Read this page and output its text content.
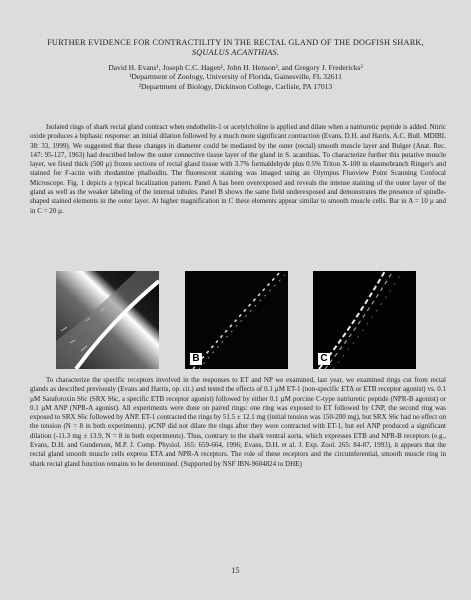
FURTHER EVIDENCE FOR CONTRACTILITY IN THE RECTAL GLAND OF THE DOGFISH SHARK, SQUALUS ACANTHIAS.
David H. Evans¹, Joseph C.C. Hagen¹, John H. Henson², and Gregory J. Fredericks²
¹Department of Zoology, University of Florida, Gainesville, FL 32611
²Department of Biology, Dickinson College, Carlisle, PA 17013

Isolated rings of shark rectal gland contract when endothelin-1 or acetylcholine is applied and dilate when a natriuretic peptide is added. Nitric oxide produces a biphasic response: an initial dilation followed by a much more significant contraction (Evans, D.H. and Harris, A.C. Bull. MDIBL 38: 33, 1999). We suggested that these changes in diameter could be mediated by the outer (rectal) smooth muscle layer and Bulger (Anat. Rec. 147: 95-127, 1963) had described below the outer connective tissue layer of the gland in S. acanthias. To characterize further this putative muscle layer, we fixed thick (500 µ) frozen sections of rectal gland tissue with 3.7% formaldehyde plus 0.5% Triton X-100 in elasmobranch Ringer's and stained for F-actin with rhodamine phalloidin. The fluorescent staining was imaged using an Olympus Fluoview Point Scanning Confocal Microscope. Fig. 1 depicts a typical localization pattern. Panel A has been overexposed and reveals the intense staining of the outer layer of the gland as well as the weaker labeling of the internal tubules. Panel B shows the same field underexposed and demonstrates the presence of spindle-shaped stained elements in the outer layer. At higher magnification in C these elements appear similar to smooth muscle cells. Bar in A = 10 µ and in C = 20 µ.

B	C

To characterize the specific receptors involved in the responses to ET and NP we examined, last year, we examined rings cut from rectal glands as described previously (Evans and Harris, op. cit.) and tested the effects of 0.1 µM ET-1 (non-specific ETA or ETB receptor agonist) vs. 0.1 µM Sarafotoxin S6c (SRX S6c, a specific ETB receptor agonist) followed by either 0.1 µM porcine C-type natriuretic peptide (NPR-B agonist) or 0.1 µM ANP (NPR-A agonist). All experiments were done on paired rings: one ring was exposed to ET followed by CNP, the second ring was exposed to SRX S6c followed by ANP. ET-1 contracted the rings by 51.5 ± 12.1 mg (initial tension was 150-200 mg), but SRX S6c had no effect on the tension (N = 8 in both experiments). pCNP did not dilate the rings after they were contracted with ET-1, but eel ANP produced a significant dilation (-11.3 mg ± 13.9, N = 8 in both experiments). Thus, contrary to the shark ventral aorta, which expresses ETB and NPR-B receptors (e.g., Evans, D.H. and Gunderson, M.P. J. Comp. Physiol. 165: 659-664, 1996; Evans, D.H. et al. J. Exp. Zool. 265: 84-87, 1993), it appears that the rectal gland smooth muscle cells express ETA and NPR-A receptors. The role of these receptors and the circumferential, smooth muscle ring in shark rectal gland function remains to be determined. (Supported by NSF IBN-9604824 to DHE)

15
